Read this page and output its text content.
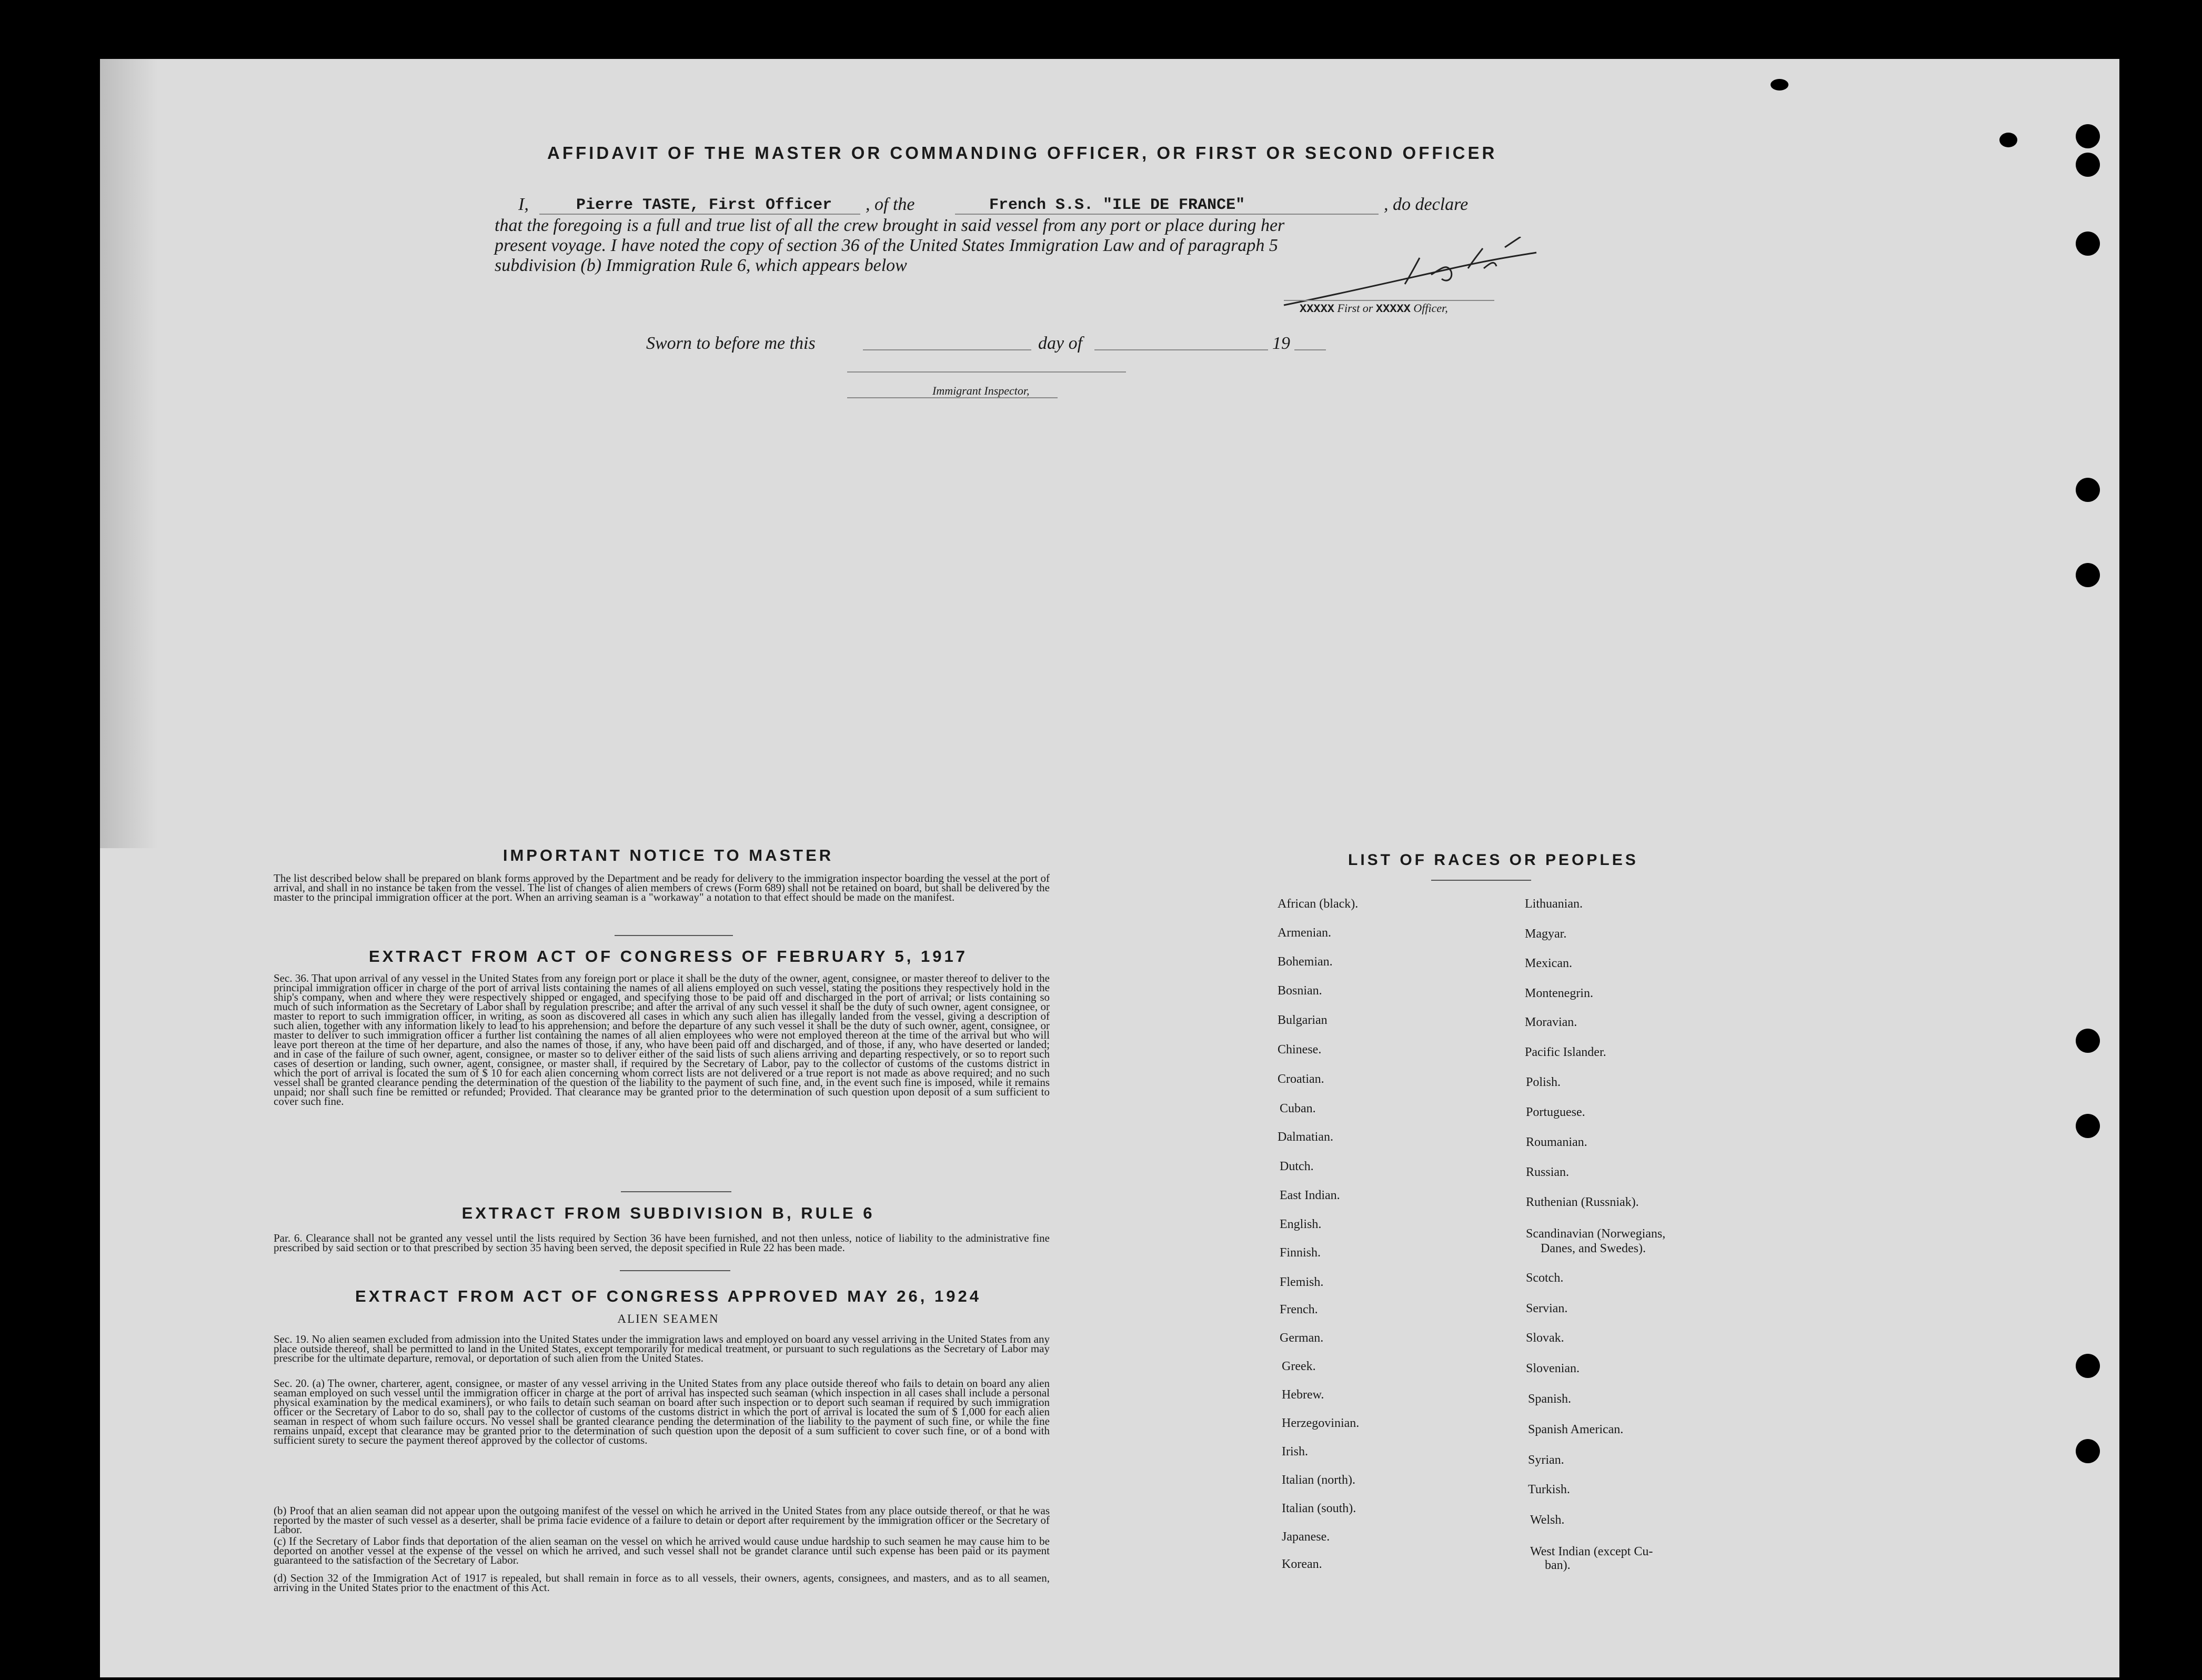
AFFIDAVIT OF THE MASTER OR COMMANDING OFFICER, OR FIRST OR SECOND OFFICER
I,	Pierre TASTE, First Officer , of the	French S.S. "ILE DE FRANCE"	, do declare
that the foregoing is a full and true list of all the crew brought in said vessel from any port or place during her
present voyage. I have noted the copy of section 36 of the United States Immigration Law and of paragraph 5
subdivision (b) Immigration Rule 6, which appears below
XXXXX First or XXXXX Officer,
Sworn to before me this	day of	19
Immigrant Inspector,
IMPORTANT NOTICE TO MASTER
The list described below shall be prepared on blank forms approved by the Department and be ready for delivery to the immigration inspector boarding the vessel at the port of arrival, and shall in no instance be taken from the vessel. The list of changes of alien members of crews (Form 689) shall not be retained on board, but shall be delivered by the master to the principal immigration officer at the port. When an arriving seaman is a "workaway" a notation to that effect should be made on the manifest.
EXTRACT FROM ACT OF CONGRESS OF FEBRUARY 5, 1917
Sec. 36. That upon arrival of any vessel in the United States from any foreign port or place it shall be the duty of the owner, agent, consignee, or master thereof to deliver to the principal immigration officer in charge of the port of arrival lists containing the names of all aliens employed on such vessel, stating the positions they respectively hold in the ship's company, when and where they were respectively shipped or engaged, and specifying those to be paid off and discharged in the port of arrival; or lists containing so much of such information as the Secretary of Labor shall by regulation prescribe; and after the arrival of any such vessel it shall be the duty of such owner, agent consignee, or master to report to such immigration officer, in writing, as soon as discovered all cases in which any such alien has illegally landed from the vessel, giving a description of such alien, together with any information likely to lead to his apprehension; and before the departure of any such vessel it shall be the duty of such owner, agent, consignee, or master to deliver to such immigration officer a further list containing the names of all alien employees who were not employed thereon at the time of the arrival but who will leave port thereon at the time of her departure, and also the names of those, if any, who have been paid off and discharged, and of those, if any, who have deserted or landed; and in case of the failure of such owner, agent, consignee, or master so to deliver either of the said lists of such aliens arriving and departing respectively, or so to report such cases of desertion or landing, such owner, agent, consignee, or master shall, if required by the Secretary of Labor, pay to the collector of customs of the customs district in which the port of arrival is located the sum of $ 10 for each alien concerning whom correct lists are not delivered or a true report is not made as above required; and no such vessel shall be granted clearance pending the determination of the question of the liability to the payment of such fine, and, in the event such fine is imposed, while it remains unpaid; nor shall such fine be remitted or refunded; Provided. That clearance may be granted prior to the determination of such question upon deposit of a sum sufficient to cover such fine.
EXTRACT FROM SUBDIVISION B, RULE 6
Par. 6. Clearance shall not be granted any vessel until the lists required by Section 36 have been furnished, and not then unless, notice of liability to the administrative fine prescribed by said section or to that prescribed by section 35 having been served, the deposit specified in Rule 22 has been made.
EXTRACT FROM ACT OF CONGRESS APPROVED MAY 26, 1924
ALIEN SEAMEN
Sec. 19. No alien seamen excluded from admission into the United States under the immigration laws and employed on board any vessel arriving in the United States from any place outside thereof, shall be permitted to land in the United States, except temporarily for medical treatment, or pursuant to such regulations as the Secretary of Labor may prescribe for the ultimate departure, removal, or deportation of such alien from the United States.
Sec. 20. (a) The owner, charterer, agent, consignee, or master of any vessel arriving in the United States from any place outside thereof who fails to detain on board any alien seaman employed on such vessel until the immigration officer in charge at the port of arrival has inspected such seaman (which inspection in all cases shall include a personal physical examination by the medical examiners), or who fails to detain such seaman on board after such inspection or to deport such seaman if required by such immigration officer or the Secretary of Labor to do so, shall pay to the collector of customs of the customs district in which the port of arrival is located the sum of $ 1,000 for each alien seaman in respect of whom such failure occurs. No vessel shall be granted clearance pending the determination of the liability to the payment of such fine, or while the fine remains unpaid, except that clearance may be granted prior to the determination of such question upon the deposit of a sum sufficient to cover such fine, or of a bond with sufficient surety to secure the payment thereof approved by the collector of customs.
(b) Proof that an alien seaman did not appear upon the outgoing manifest of the vessel on which he arrived in the United States from any place outside thereof, or that he was reported by the master of such vessel as a deserter, shall be prima facie evidence of a failure to detain or deport after requirement by the immigration officer or the Secretary of Labor.
(c) If the Secretary of Labor finds that deportation of the alien seaman on the vessel on which he arrived would cause undue hardship to such seamen he may cause him to be deported on another vessel at the expense of the vessel on which he arrived, and such vessel shall not be grandet clarance until such expense has been paid or its payment guaranteed to the satisfaction of the Secretary of Labor.
(d) Section 32 of the Immigration Act of 1917 is repealed, but shall remain in force as to all vessels, their owners, agents, consignees, and masters, and as to all seamen, arriving in the United States prior to the enactment of this Act.
LIST OF RACES OR PEOPLES
African (black).
Armenian.
Bohemian.
Bosnian.
Bulgarian
Chinese.
Croatian.
Cuban.
Dalmatian.
Dutch.
East Indian.
English.
Finnish.
Flemish.
French.
German.
Greek.
Hebrew.
Herzegovinian.
Irish.
Italian (north).
Italian (south).
Japanese.
Korean.
Lithuanian.
Magyar.
Mexican.
Montenegrin.
Moravian.
Pacific Islander.
Polish.
Portuguese.
Roumanian.
Russian.
Ruthenian (Russniak).
Scandinavian (Norwegians,
Danes, and Swedes).
Scotch.
Servian.
Slovak.
Slovenian.
Spanish.
Spanish American.
Syrian.
Turkish.
Welsh.
West Indian (except Cu-
ban).
